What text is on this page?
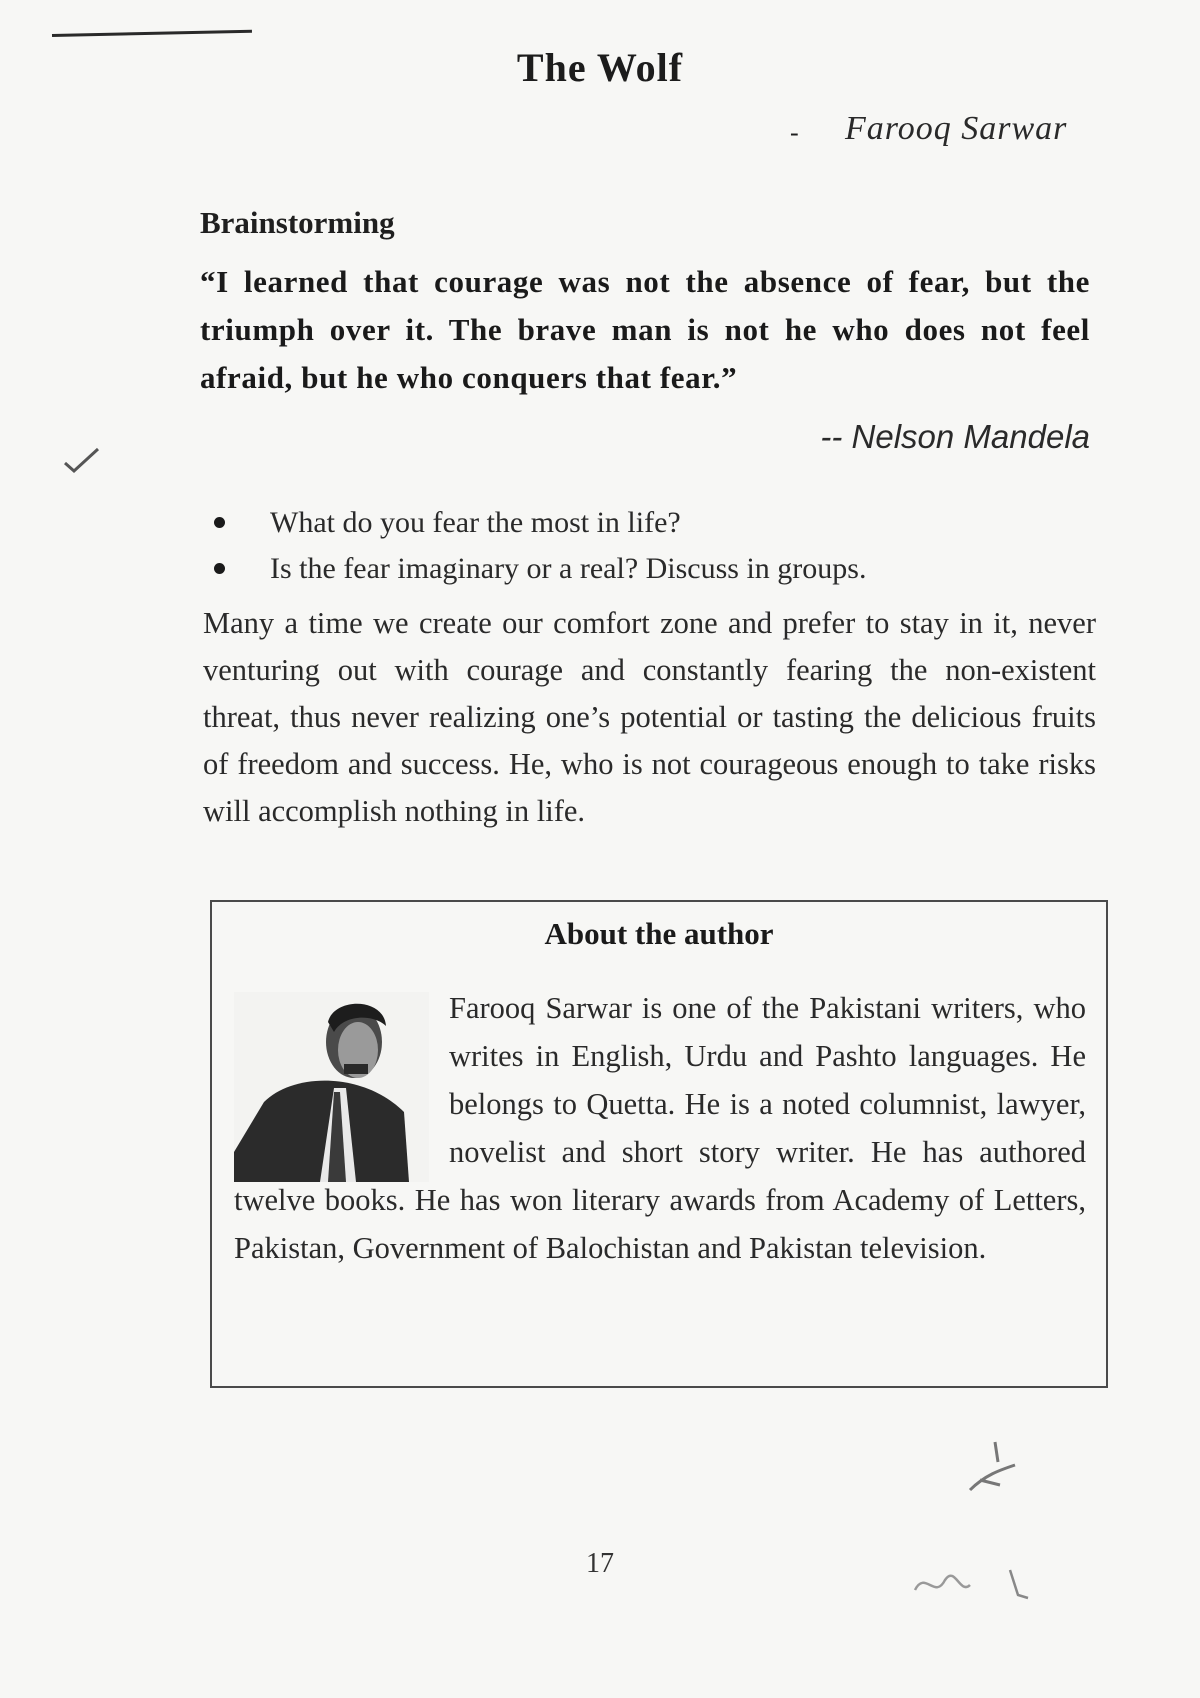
The Wolf
- Farooq Sarwar
Brainstorming
“I learned that courage was not the absence of fear, but the triumph over it. The brave man is not he who does not feel afraid, but he who conquers that fear.”
-- Nelson Mandela
What do you fear the most in life?
Is the fear imaginary or a real? Discuss in groups.

Many a time we create our comfort zone and prefer to stay in it, never venturing out with courage and constantly fearing the non-existent threat, thus never realizing one’s potential or tasting the delicious fruits of freedom and success. He, who is not courageous enough to take risks will accomplish nothing in life.

About the author

Farooq Sarwar is one of the Pakistani writers, who writes in English, Urdu and Pashto languages. He belongs to Quetta. He is a noted columnist, lawyer, novelist and short story writer. He has authored twelve books. He has won literary awards from Academy of Letters, Pakistan, Government of Balochistan and Pakistan television.

17
